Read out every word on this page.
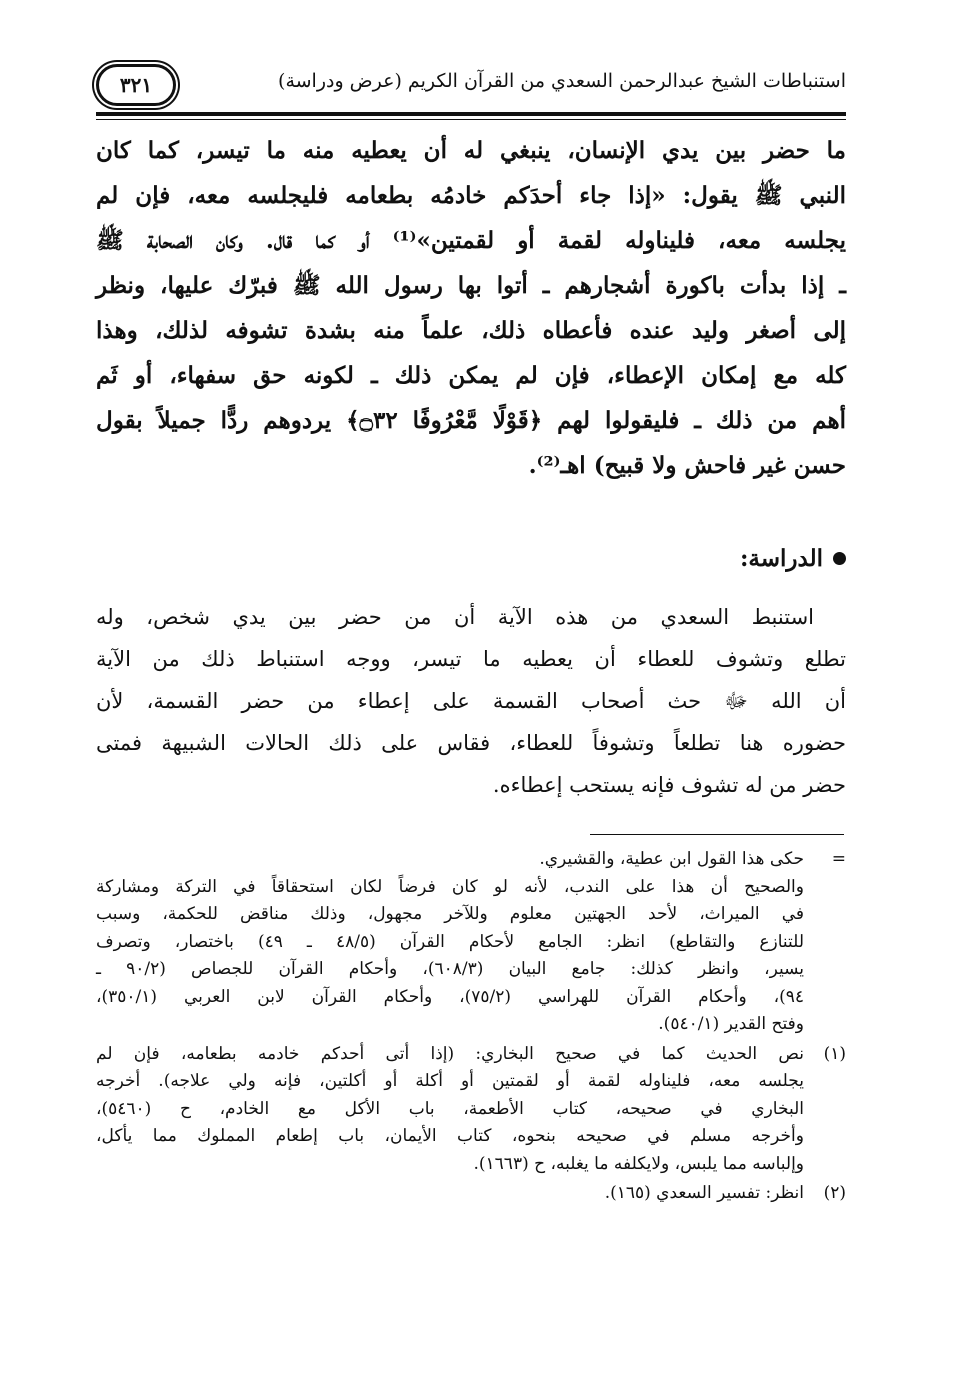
استنباطات الشيخ عبدالرحمن السعدي من القرآن الكريم (عرض ودراسة)
٣٢١
ما حضر بين يدي الإنسان، ينبغي له أن يعطيه منه ما تيسر، كما كان
النبي ﷺ يقول: «إذا جاء أحدَكم خادمُه بطعامه فليجلسه معه، فإن لم
يجلسه معه، فليناوله لقمة أو لقمتين»⁽¹⁾ أو كما قال. وكان الصحابة ﷺ
ـ إذا بدأت باكورة أشجارهم ـ أتوا بها رسول الله ﷺ فبرّك عليها، ونظر
إلى أصغر وليد عنده فأعطاه ذلك، علماً منه بشدة تشوفه لذلك، وهذا
كله مع إمكان الإعطاء، فإن لم يمكن ذلك ـ لكونه حق سفهاء، أو ثَم
أهم من ذلك ـ فليقولوا لهم ﴿قَوْلًا مَّعْرُوفًا ۝٣٢﴾ يردوهم ردًّا جميلاً بقول
حسن غير فاحش ولا قبيح) اهـ⁽²⁾.
الدراسة:
استنبط السعدي من هذه الآية أن من حضر بين يدي شخص، وله
تطلع وتشوف للعطاء أن يعطيه ما تيسر، ووجه استنباط ذلك من الآية
أن الله ﷻ حث أصحاب القسمة على إعطاء من حضر القسمة، لأن
حضوره هنا تطلعاً وتشوفاً للعطاء، فقاس على ذلك الحالات الشبيهة فمتى
حضر من له تشوف فإنه يستحب إعطاءه.
=
حكى هذا القول ابن عطية، والقشيري.
والصحيح أن هذا على الندب، لأنه لو كان فرضاً لكان استحقاقاً في التركة ومشاركة
في الميراث، لأحد الجهتين معلوم وللآخر مجهول، وذلك مناقض للحكمة، وسبب
للتنازع والتقاطع) انظر: الجامع لأحكام القرآن (٤٨/٥ ـ ٤٩) باختصار، وتصرف
يسير، وانظر كذلك: جامع البيان (٦٠٨/٣)، وأحكام القرآن للجصاص (٩٠/٢ ـ
٩٤)، وأحكام القرآن للهراسي (٧٥/٢)، وأحكام القرآن لابن العربي (٣٥٠/١)،
وفتح القدير (٥٤٠/١).
(١)
نص الحديث كما في صحيح البخاري: (إذا أتى أحدكم خادمه بطعامه، فإن لم
يجلسه معه، فليناوله لقمة أو لقمتين أو أكلة أو أكلتين، فإنه ولي علاجه). أخرجه
البخاري في صحيحه، كتاب الأطعمة، باب الأكل مع الخادم، ح (٥٤٦٠)،
وأخرجه مسلم في صحيحه بنحوه، كتاب الأيمان، باب إطعام المملوك مما يأكل،
وإلباسه مما يلبس، ولايكلفه ما يغلبه، ح (١٦٦٣).
(٢)
انظر: تفسير السعدي (١٦٥).
